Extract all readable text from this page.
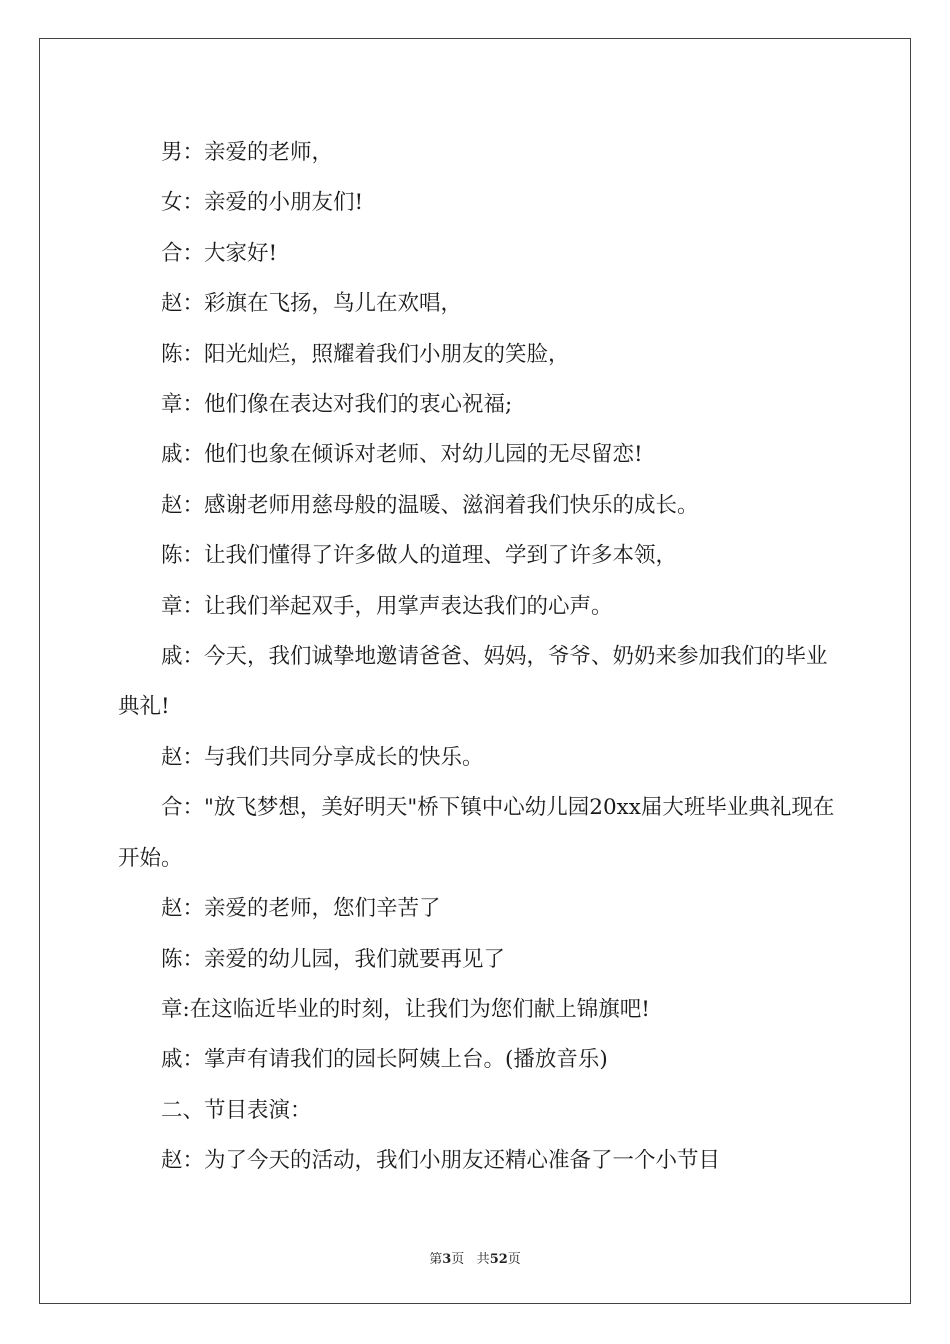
男：亲爱的老师，

女：亲爱的小朋友们!

合：大家好!

赵：彩旗在飞扬，鸟儿在欢唱，

陈：阳光灿烂，照耀着我们小朋友的笑脸，

章：他们像在表达对我们的衷心祝福;

戚：他们也象在倾诉对老师、对幼儿园的无尽留恋!

赵：感谢老师用慈母般的温暖、滋润着我们快乐的成长。

陈：让我们懂得了许多做人的道理、学到了许多本领，

章：让我们举起双手，用掌声表达我们的心声。

戚：今天，我们诚挚地邀请爸爸、妈妈，爷爷、奶奶来参加我们的毕业典礼!

赵：与我们共同分享成长的快乐。

合："放飞梦想，美好明天"桥下镇中心幼儿园20xx届大班毕业典礼现在开始。

赵：亲爱的老师，您们辛苦了

陈：亲爱的幼儿园，我们就要再见了

章:在这临近毕业的时刻，让我们为您们献上锦旗吧!

戚：掌声有请我们的园长阿姨上台。(播放音乐)

二、节目表演：

赵：为了今天的活动，我们小朋友还精心准备了一个小节目

第3页 共52页
